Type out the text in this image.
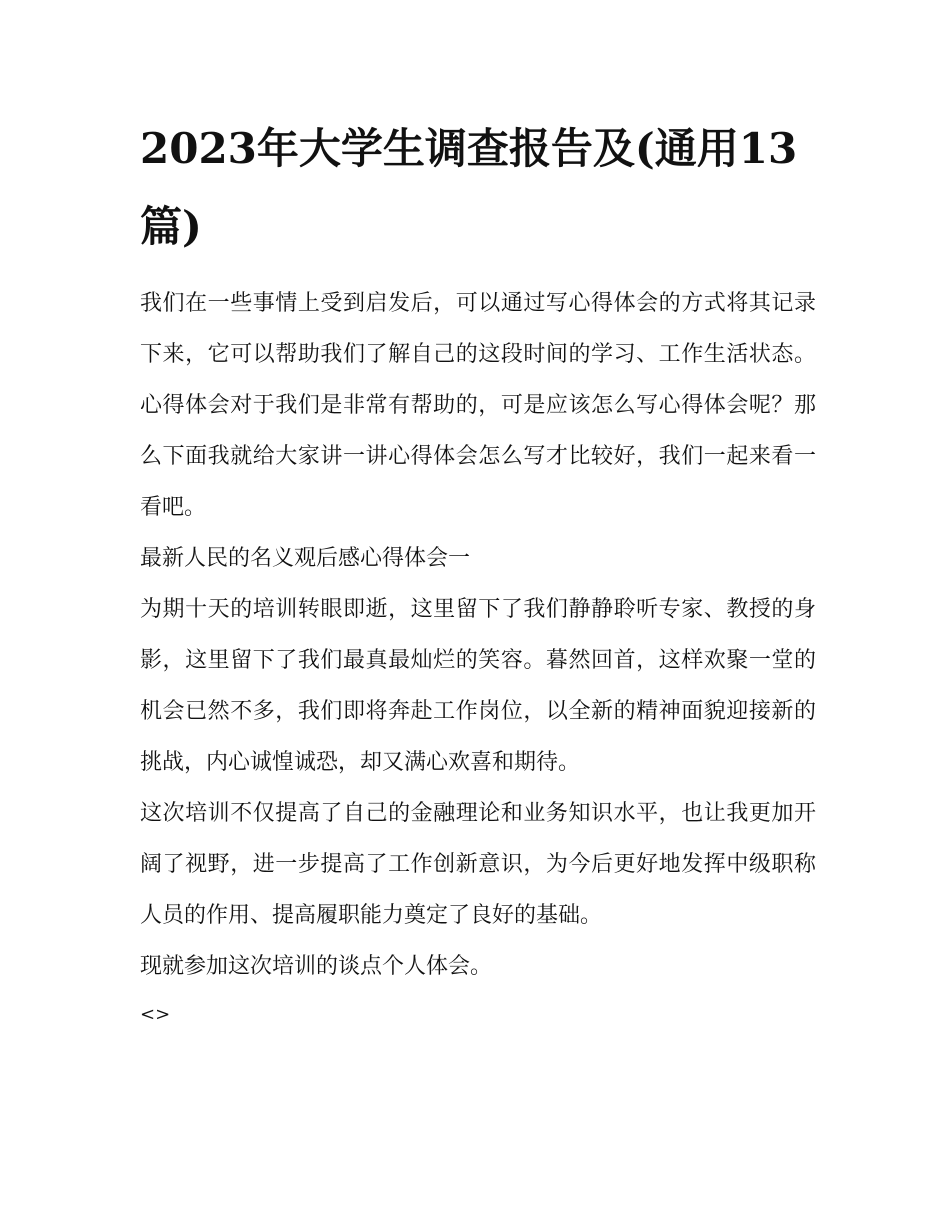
2023年大学生调查报告及(通用13篇)

我们在一些事情上受到启发后，可以通过写心得体会的方式将其记录下来，它可以帮助我们了解自己的这段时间的学习、工作生活状态。心得体会对于我们是非常有帮助的，可是应该怎么写心得体会呢？那么下面我就给大家讲一讲心得体会怎么写才比较好，我们一起来看一看吧。

最新人民的名义观后感心得体会一

为期十天的培训转眼即逝，这里留下了我们静静聆听专家、教授的身影，这里留下了我们最真最灿烂的笑容。暮然回首，这样欢聚一堂的机会已然不多，我们即将奔赴工作岗位，以全新的精神面貌迎接新的挑战，内心诚惶诚恐，却又满心欢喜和期待。

这次培训不仅提高了自己的金融理论和业务知识水平，也让我更加开阔了视野，进一步提高了工作创新意识，为今后更好地发挥中级职称人员的作用、提高履职能力奠定了良好的基础。

现就参加这次培训的谈点个人体会。

<>
